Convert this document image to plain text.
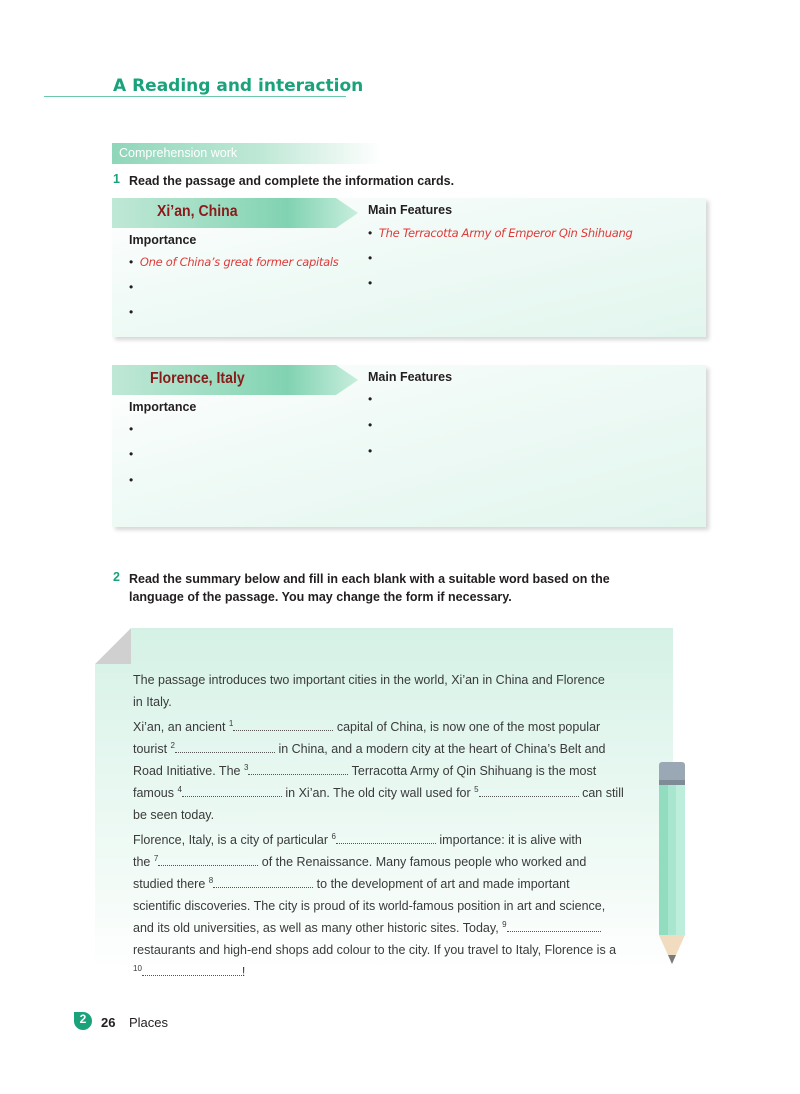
A Reading and interaction
Comprehension work
1 Read the passage and complete the information cards.
Xi’an, China
Importance
• One of China’s great former capitals
•
•
Main Features
• The Terracotta Army of Emperor Qin Shihuang
•
•
Florence, Italy
Importance
•
•
•
Main Features
•
•
•
2 Read the summary below and fill in each blank with a suitable word based on the
language of the passage. You may change the form if necessary.
The passage introduces two important cities in the world, Xi’an in China and Florence
in Italy.
Xi’an, an ancient $^1$	capital of China, is now one of the most popular
tourist $^2$	in China, and a modern city at the heart of China’s Belt and
Road Initiative. The $^3$	Terracotta Army of Qin Shihuang is the most
famous $^4$	in Xi’an. The old city wall used for $^5$	can still
be seen today.
Florence, Italy, is a city of particular $^6$	importance: it is alive with
the $^7$	of the Renaissance. Many famous people who worked and
studied there $^8$	to the development of art and made important
scientific discoveries. The city is proud of its world-famous position in art and science,
and its old universities, as well as many other historic sites. Today, $^9$
restaurants and high-end shops add colour to the city. If you travel to Italy, Florence is a
$^{10}$	!
2	26 Places
